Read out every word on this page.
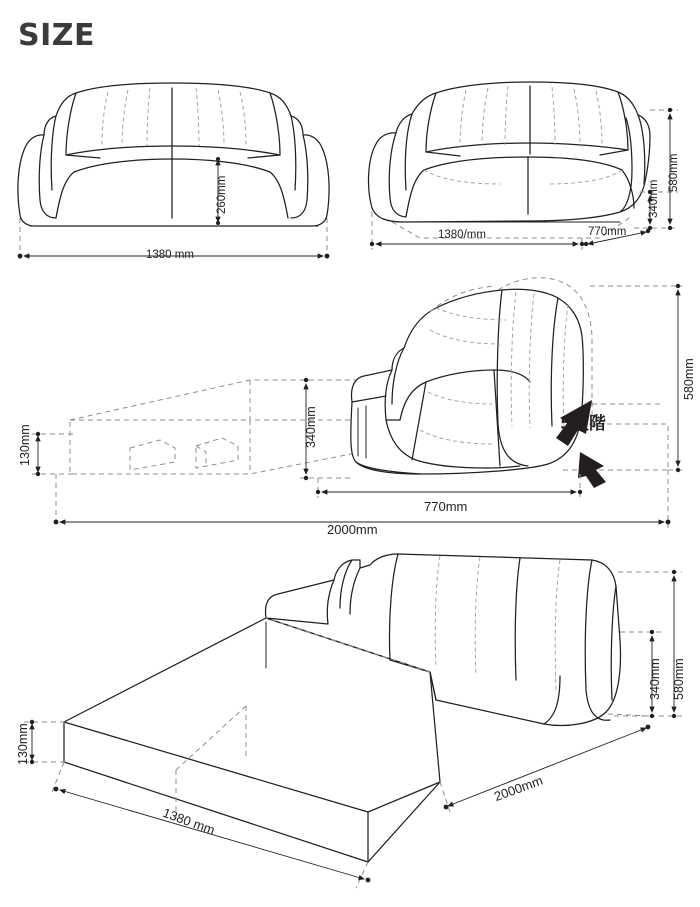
SIZE
260mm
1380 mm
580mm
340mm
1380/mm	770mm
580mm
340mm
130mm
770mm
2000mm
5段階
580mm
340mm
130mm
1380 mm
2000mm
